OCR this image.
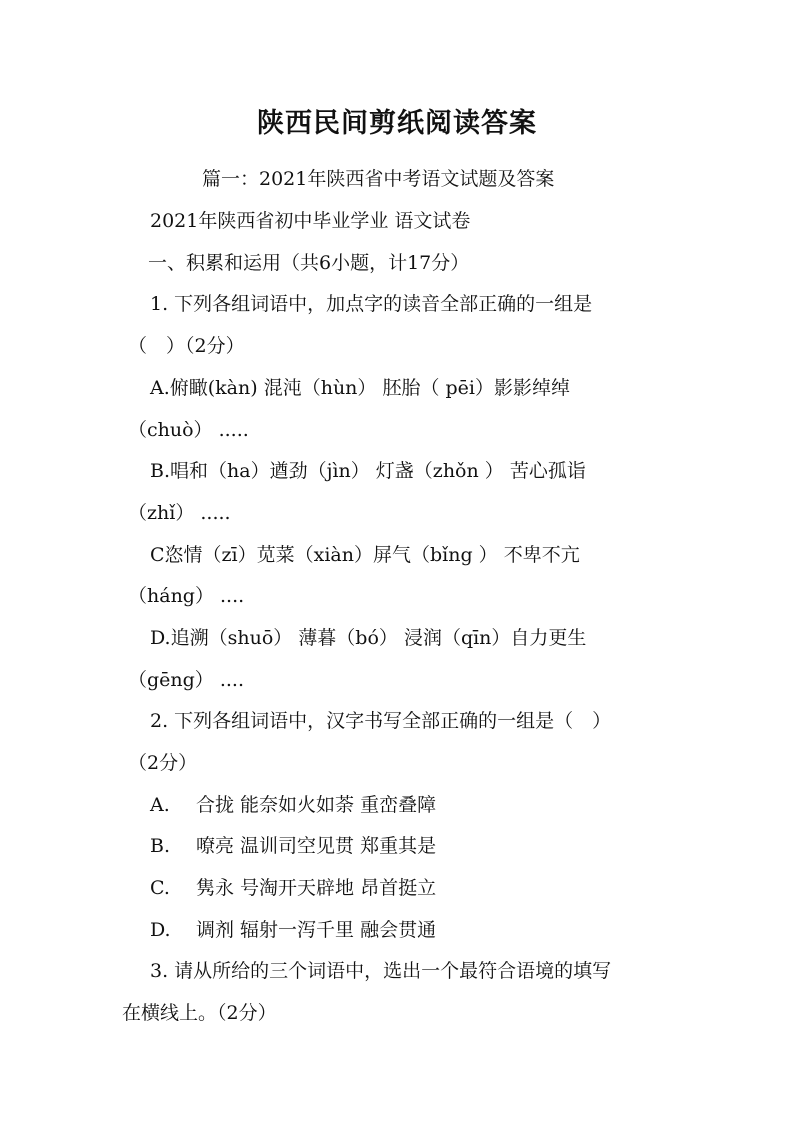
陕西民间剪纸阅读答案
篇一：2021年陕西省中考语文试题及答案
2021年陕西省初中毕业学业 语文试卷
一、积累和运用（共6小题，计17分）
1. 下列各组词语中，加点字的读音全部正确的一组是
（　）（2分）
A.俯瞰(kàn) 混沌（hùn） 胚胎（ pēi）影影绰绰
（chuò） .....
B.唱和（ha）遒劲（jìn） 灯盏（zhǒn ） 苦心孤诣
（zhǐ） .....
C恣情（zī）苋菜（xiàn）屏气（bǐng ） 不卑不亢
（háng） ....
D.追溯（shuō） 薄暮（bó） 浸润（qīn）自力更生
（gēng） ....
2. 下列各组词语中，汉字书写全部正确的一组是（　）
（2分）
A. 合拢 能奈如火如荼 重峦叠障
B. 嘹亮 温训司空见贯 郑重其是
C. 隽永 号淘开天辟地 昂首挺立
D. 调剂 辐射一泻千里 融会贯通
3. 请从所给的三个词语中，选出一个最符合语境的填写
在横线上。（2分）
